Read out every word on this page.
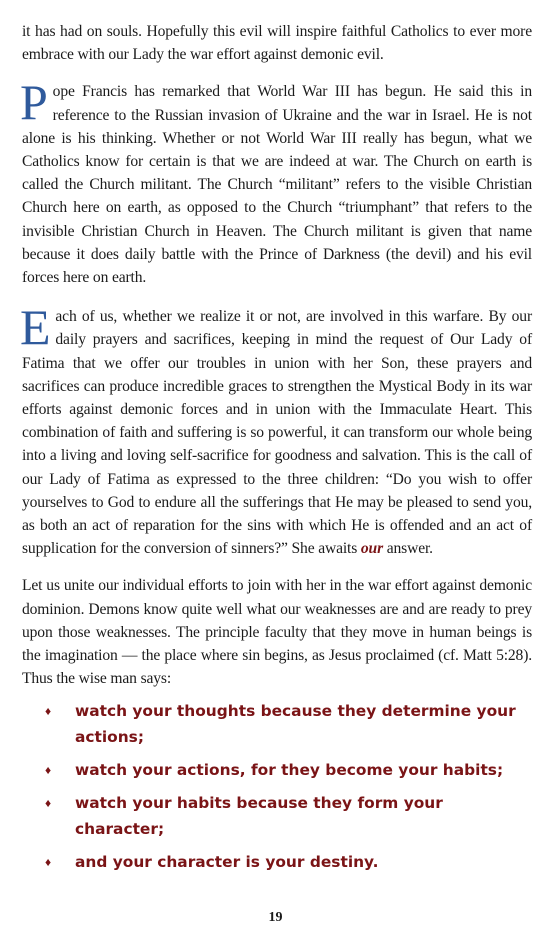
it has had on souls. Hopefully this evil will inspire faithful Catholics to ever more embrace with our Lady the war effort against demonic evil.

Pope Francis has remarked that World War III has begun. He said this in reference to the Russian invasion of Ukraine and the war in Israel. He is not alone is his thinking. Whether or not World War III really has begun, what we Catholics know for certain is that we are indeed at war. The Church on earth is called the Church militant. The Church “militant” refers to the visible Christian Church here on earth, as opposed to the Church “triumphant” that refers to the invisible Christian Church in Heaven. The Church militant is given that name because it does daily battle with the Prince of Darkness (the devil) and his evil forces here on earth.

Each of us, whether we realize it or not, are involved in this warfare. By our daily prayers and sacrifices, keeping in mind the request of Our Lady of Fatima that we offer our troubles in union with her Son, these prayers and sacrifices can produce incredible graces to strengthen the Mystical Body in its war efforts against demonic forces and in union with the Immaculate Heart. This combination of faith and suffering is so powerful, it can transform our whole being into a living and loving self-sacrifice for goodness and salvation. This is the call of our Lady of Fatima as expressed to the three children: “Do you wish to offer yourselves to God to endure all the sufferings that He may be pleased to send you, as both an act of reparation for the sins with which He is offended and an act of supplication for the conversion of sinners?” She awaits our answer.

Let us unite our individual efforts to join with her in the war effort against demonic dominion. Demons know quite well what our weaknesses are and are ready to prey upon those weaknesses. The principle faculty that they move in human beings is the imagination — the place where sin begins, as Jesus proclaimed (cf. Matt 5:28). Thus the wise man says:

♦ watch your thoughts because they determine your actions;
♦ watch your actions, for they become your habits;
♦ watch your habits because they form your character;
♦ and your character is your destiny.
19
